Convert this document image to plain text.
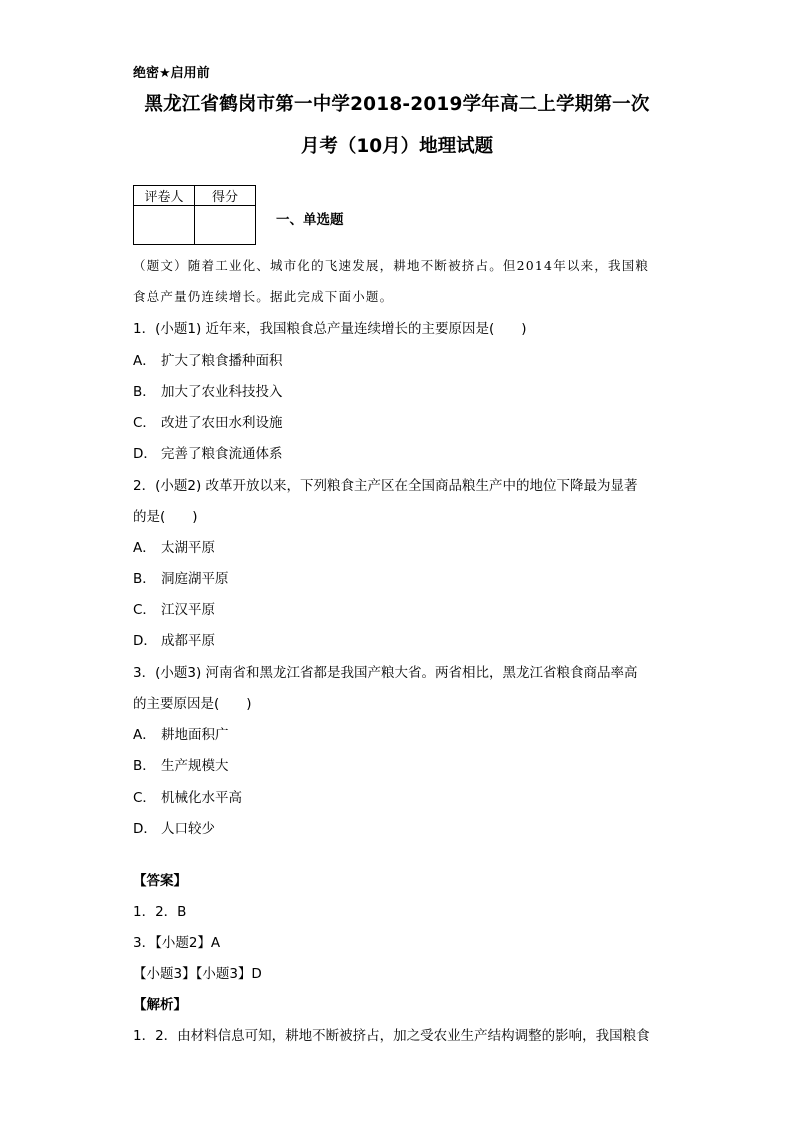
绝密★启用前
黑龙江省鹤岗市第一中学2018-2019学年高二上学期第一次
月考（10月）地理试题
评卷人	得分

一、单选题
（题文）随着工业化、城市化的飞速发展，耕地不断被挤占。但2014年以来，我国粮
食总产量仍连续增长。据此完成下面小题。
1．(小题1) 近年来，我国粮食总产量连续增长的主要原因是(　　)
A． 扩大了粮食播种面积
B． 加大了农业科技投入
C． 改进了农田水利设施
D． 完善了粮食流通体系
2．(小题2) 改革开放以来，下列粮食主产区在全国商品粮生产中的地位下降最为显著
的是(　　)
A． 太湖平原
B． 洞庭湖平原
C． 江汉平原
D． 成都平原
3．(小题3) 河南省和黑龙江省都是我国产粮大省。两省相比，黑龙江省粮食商品率高
的主要原因是(　　)
A． 耕地面积广
B． 生产规模大
C． 机械化水平高
D． 人口较少
【答案】
1．2．B
3．【小题2】A
【小题3】【小题3】D
【解析】
1．2．由材料信息可知，耕地不断被挤占，加之受农业生产结构调整的影响，我国粮食
